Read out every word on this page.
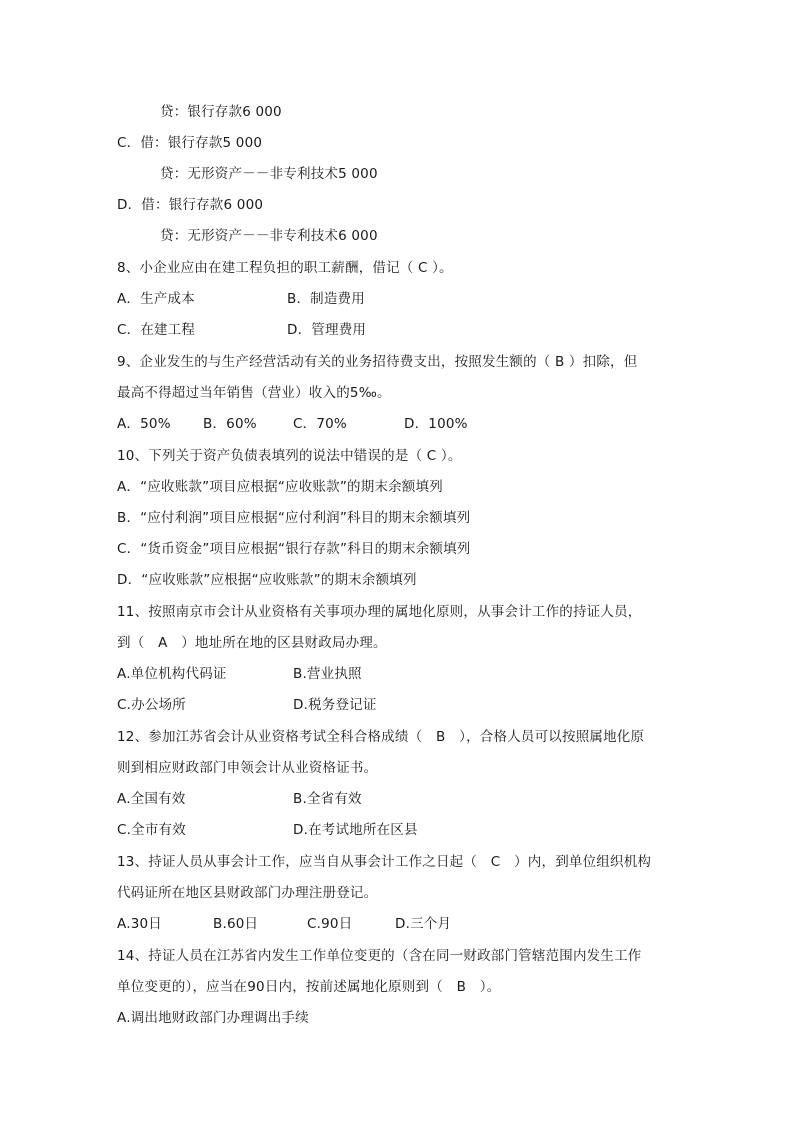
贷：银行存款6 000
C．借：银行存款5 000
贷：无形资产－－非专利技术5 000
D．借：银行存款6 000
贷：无形资产－－非专利技术6 000
8、小企业应由在建工程负担的职工薪酬，借记（ C ）。
A．生产成本	B．制造费用
C．在建工程	D．管理费用
9、企业发生的与生产经营活动有关的业务招待费支出，按照发生额的（ B ）扣除，但
最高不得超过当年销售（营业）收入的5‰。
A．50% B．60%	C．70%	D．100%
10、下列关于资产负债表填列的说法中错误的是（ C ）。
A．“应收账款”项目应根据“应收账款”的期末余额填列
B．“应付利润”项目应根据“应付利润”科目的期末余额填列
C．“货币资金”项目应根据“银行存款”科目的期末余额填列
D．“应收账款”应根据“应收账款”的期末余额填列
11、按照南京市会计从业资格有关事项办理的属地化原则，从事会计工作的持证人员，
到（　A　）地址所在地的区县财政局办理。
A.单位机构代码证	B.营业执照
C.办公场所	D.税务登记证
12、参加江苏省会计从业资格考试全科合格成绩（　B　），合格人员可以按照属地化原
则到相应财政部门申领会计从业资格证书。
A.全国有效	B.全省有效
C.全市有效	D.在考试地所在区县
13、持证人员从事会计工作，应当自从事会计工作之日起（　C　）内，到单位组织机构
代码证所在地区县财政部门办理注册登记。
A.30日	B.60日	C.90日	D.三个月
14、持证人员在江苏省内发生工作单位变更的（含在同一财政部门管辖范围内发生工作
单位变更的），应当在90日内，按前述属地化原则到（　B　）。
A.调出地财政部门办理调出手续
